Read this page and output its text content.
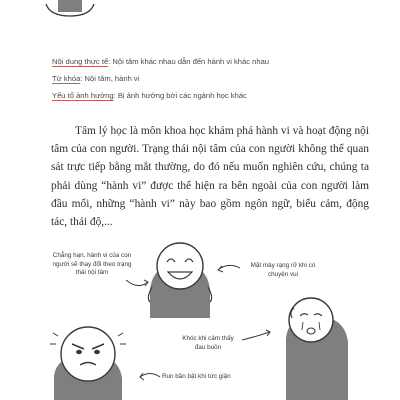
Nội dung thực tế: Nội tâm khác nhau dẫn đến hành vi khác nhau
Từ khóa: Nội tâm, hành vi
Yếu tố ảnh hưởng: Bị ảnh hưởng bởi các ngành học khác
Tâm lý học là môn khoa học khám phá hành vi và hoạt động nội tâm của con người. Trạng thái nội tâm của con người không thể quan sát trực tiếp bằng mắt thường, do đó nếu muốn nghiên cứu, chúng ta phải dùng “hành vi” được thể hiện ra bên ngoài của con người làm đầu mối, những “hành vi” này bao gồm ngôn ngữ, biểu cảm, động tác, thái độ,...
Chẳng hạn, hành vi của con người sẽ thay đổi theo trạng thái nội tâm
Mặt mày rạng rỡ khi có chuyện vui
Khóc khi cảm thấy đau buồn
Run bần bật khi tức giận
